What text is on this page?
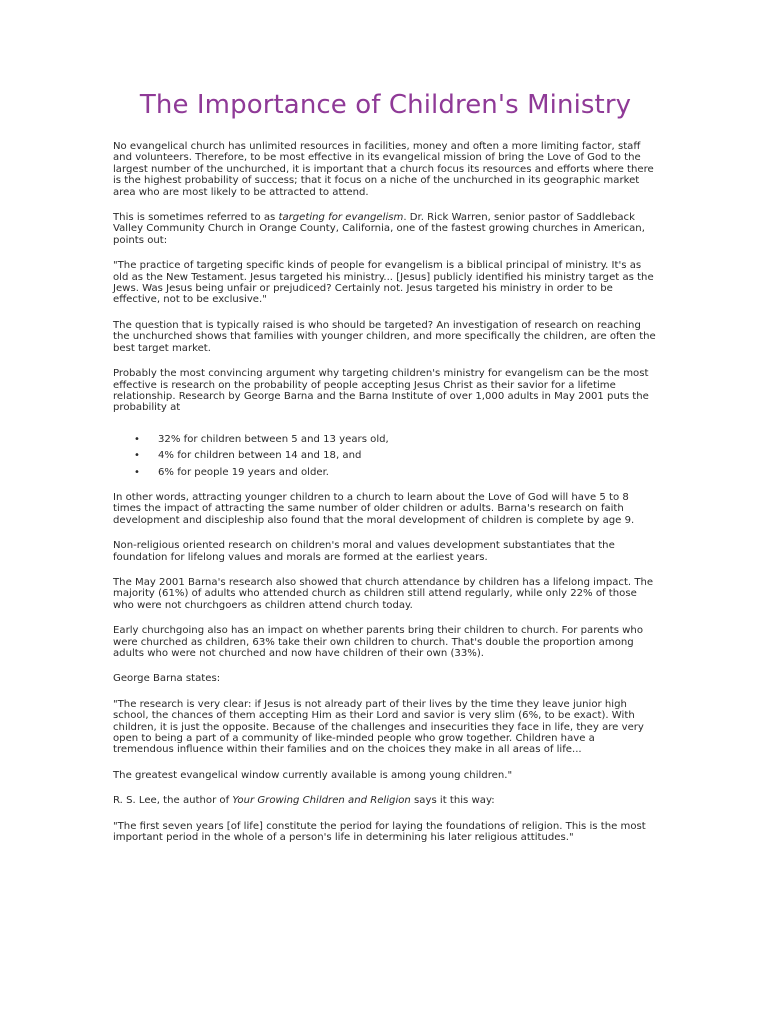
The Importance of Children's Ministry

No evangelical church has unlimited resources in facilities, money and often a more limiting factor, staff and volunteers. Therefore, to be most effective in its evangelical mission of bring the Love of God to the largest number of the unchurched, it is important that a church focus its resources and efforts where there is the highest probability of success; that it focus on a niche of the unchurched in its geographic market area who are most likely to be attracted to attend.

This is sometimes referred to as targeting for evangelism. Dr. Rick Warren, senior pastor of Saddleback Valley Community Church in Orange County, California, one of the fastest growing churches in American, points out:

"The practice of targeting specific kinds of people for evangelism is a biblical principal of ministry. It's as old as the New Testament. Jesus targeted his ministry... [Jesus] publicly identified his ministry target as the Jews. Was Jesus being unfair or prejudiced? Certainly not. Jesus targeted his ministry in order to be effective, not to be exclusive."

The question that is typically raised is who should be targeted? An investigation of research on reaching the unchurched shows that families with younger children, and more specifically the children, are often the best target market.

Probably the most convincing argument why targeting children's ministry for evangelism can be the most effective is research on the probability of people accepting Jesus Christ as their savior for a lifetime relationship. Research by George Barna and the Barna Institute of over 1,000 adults in May 2001 puts the probability at

• 32% for children between 5 and 13 years old,
• 4% for children between 14 and 18, and
• 6% for people 19 years and older.

In other words, attracting younger children to a church to learn about the Love of God will have 5 to 8 times the impact of attracting the same number of older children or adults. Barna's research on faith development and discipleship also found that the moral development of children is complete by age 9.

Non-religious oriented research on children's moral and values development substantiates that the foundation for lifelong values and morals are formed at the earliest years.

The May 2001 Barna's research also showed that church attendance by children has a lifelong impact. The majority (61%) of adults who attended church as children still attend regularly, while only 22% of those who were not churchgoers as children attend church today.

Early churchgoing also has an impact on whether parents bring their children to church. For parents who were churched as children, 63% take their own children to church. That's double the proportion among adults who were not churched and now have children of their own (33%).

George Barna states:

"The research is very clear: if Jesus is not already part of their lives by the time they leave junior high school, the chances of them accepting Him as their Lord and savior is very slim (6%, to be exact). With children, it is just the opposite. Because of the challenges and insecurities they face in life, they are very open to being a part of a community of like-minded people who grow together. Children have a tremendous influence within their families and on the choices they make in all areas of life...

The greatest evangelical window currently available is among young children."

R. S. Lee, the author of Your Growing Children and Religion says it this way:

"The first seven years [of life] constitute the period for laying the foundations of religion. This is the most important period in the whole of a person's life in determining his later religious attitudes."
